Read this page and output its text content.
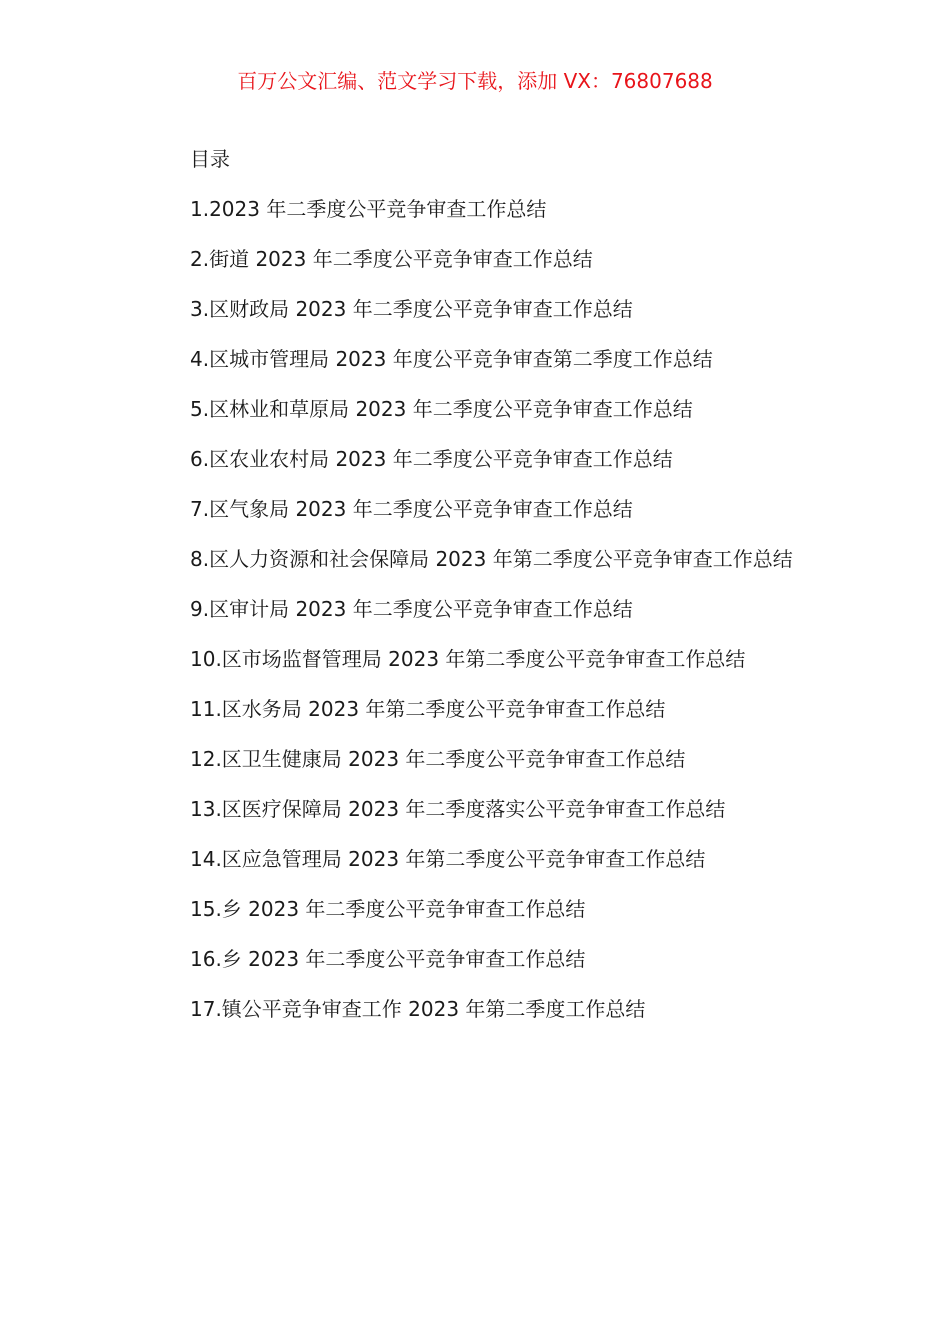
百万公文汇编、范文学习下载，添加 VX：76807688

目录

1.2023 年二季度公平竞争审查工作总结
2.街道 2023 年二季度公平竞争审查工作总结
3.区财政局 2023 年二季度公平竞争审查工作总结
4.区城市管理局 2023 年度公平竞争审查第二季度工作总结
5.区林业和草原局 2023 年二季度公平竞争审查工作总结
6.区农业农村局 2023 年二季度公平竞争审查工作总结
7.区气象局 2023 年二季度公平竞争审查工作总结
8.区人力资源和社会保障局 2023 年第二季度公平竞争审查工作总结
9.区审计局 2023 年二季度公平竞争审查工作总结
10.区市场监督管理局 2023 年第二季度公平竞争审查工作总结
11.区水务局 2023 年第二季度公平竞争审查工作总结
12.区卫生健康局 2023 年二季度公平竞争审查工作总结
13.区医疗保障局 2023 年二季度落实公平竞争审查工作总结
14.区应急管理局 2023 年第二季度公平竞争审查工作总结
15.乡 2023 年二季度公平竞争审查工作总结
16.乡 2023 年二季度公平竞争审查工作总结
17.镇公平竞争审查工作 2023 年第二季度工作总结
